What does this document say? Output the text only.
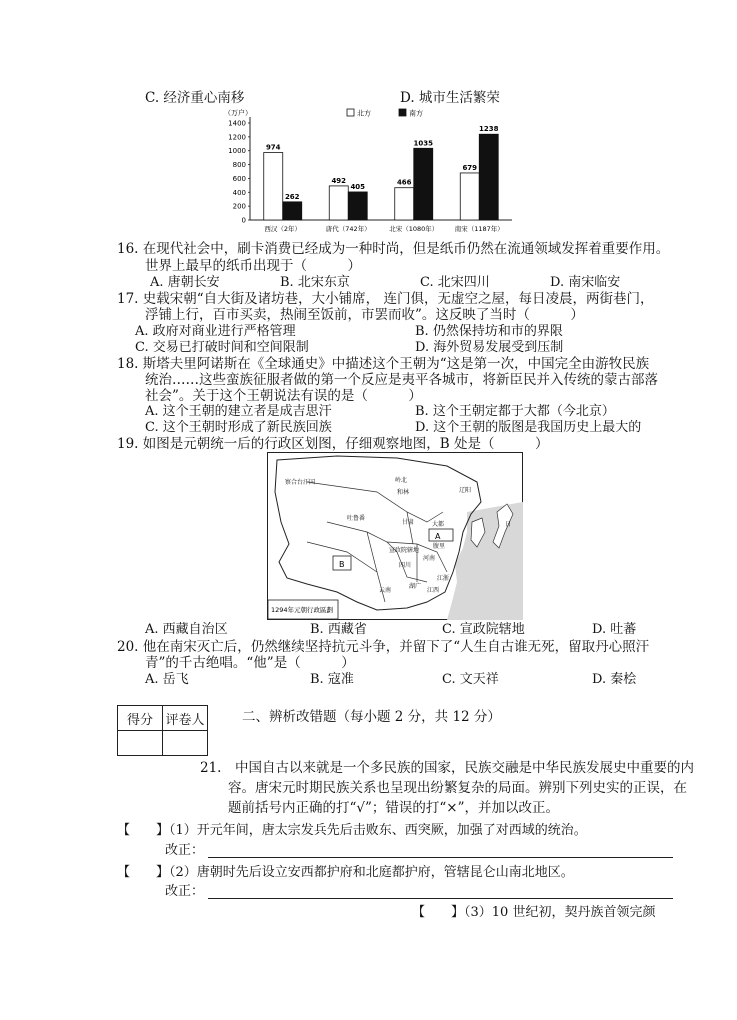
C. 经济重心南移	D. 城市生活繁荣
（万户）
1400
1200
1000
800
600
400
200
0
北方	南方
974
262
西汉（2年）
492
405
唐代（742年）
466
1035
北宋（1080年）
679
1238
南宋（1187年）
16. 在现代社会中，刷卡消费已经成为一种时尚，但是纸币仍然在流通领域发挥着重要作用。
世界上最早的纸币出现于（　　　）
A. 唐朝长安	B. 北宋东京	C. 北宋四川	D. 南宋临安
17. 史载宋朝“自大街及诸坊巷，大小铺席， 连门俱，无虚空之屋，每日凌晨，两街巷门，
浮铺上行，百市买卖，热闹至饭前，市罢而收”。这反映了当时（　　　）
A. 政府对商业进行严格管理	B. 仍然保持坊和市的界限
C. 交易已打破时间和空间限制	D. 海外贸易发展受到压制
18. 斯塔夫里阿诺斯在《全球通史》中描述这个王朝为“这是第一次，中国完全由游牧民族
统治……这些蛮族征服者做的第一个反应是夷平各城市，将新臣民并入传统的蒙古部落
社会”。关于这个王朝说法有误的是（　　　）
A. 这个王朝的建立者是成吉思汗	B. 这个王朝定都于大都（今北京）
C. 这个王朝时形成了新民族回族	D. 这个王朝的版图是我国历史上最大的
19. 如图是元朝统一后的行政区划图，仔细观察地图，B 处是（　　　）
察合台汗国	岭北
和林
吐鲁番
甘肃
宣政院辖地
大都
辽阳
腹里
河南
四川
江浙
江西
湖广
云南
日
A
B
1294年元朝行政區劃
A. 西藏自治区	B. 西藏省	C. 宣政院辖地	D. 吐蕃
20. 他在南宋灭亡后，仍然继续坚持抗元斗争，并留下了“人生自古谁无死，留取丹心照汗
青”的千古绝唱。“他”是（　　　）
A. 岳飞	B. 寇准	C. 文天祥	D. 秦桧
得分	评卷人
		二、辨析改错题（每小题 2 分，共 12 分）
21.　中国自古以来就是一个多民族的国家，民族交融是中华民族发展史中重要的内
容。唐宋元时期民族关系也呈现出纷繁复杂的局面。辨别下列史实的正误，在
题前括号内正确的打“√”；错误的打“×”，并加以改正。
【　　】（1）开元年间，唐太宗发兵先后击败东、西突厥，加强了对西域的统治。
改正：
【　　】（2）唐朝时先后设立安西都护府和北庭都护府，管辖昆仑山南北地区。
改正：
【　　】（3）10 世纪初，契丹族首领完颜
